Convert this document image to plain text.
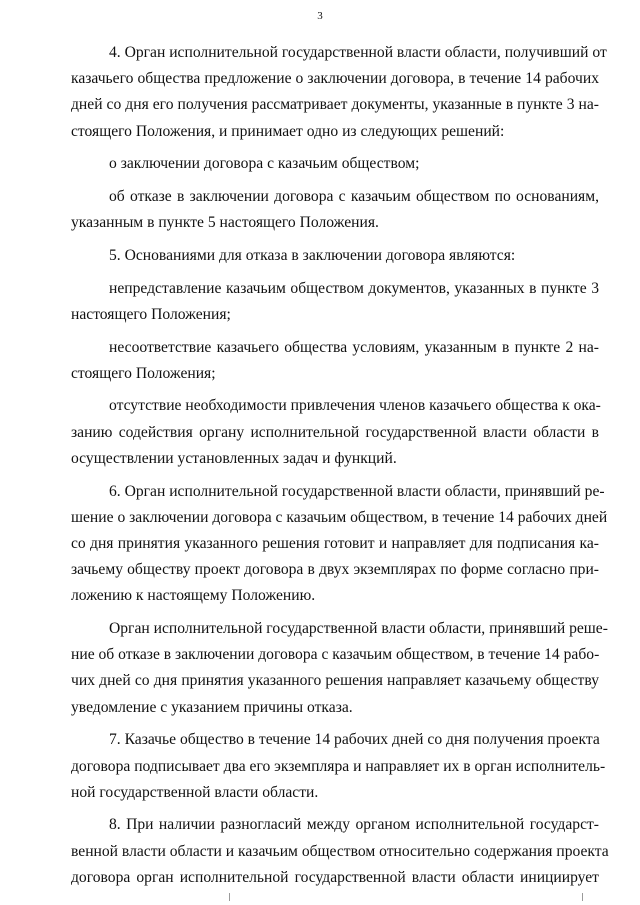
3
4. Орган исполнительной государственной власти области, получивший от
казачьего общества предложение о заключении договора, в течение 14 рабочих
дней со дня его получения рассматривает документы, указанные в пункте 3 на-
стоящего Положения, и принимает одно из следующих решений:
о заключении договора с казачьим обществом;
об отказе в заключении договора с казачьим обществом по основаниям,
указанным в пункте 5 настоящего Положения.
5. Основаниями для отказа в заключении договора являются:
непредставление казачьим обществом документов, указанных в пункте 3
настоящего Положения;
несоответствие казачьего общества условиям, указанным в пункте 2 на-
стоящего Положения;
отсутствие необходимости привлечения членов казачьего общества к ока-
занию содействия органу исполнительной государственной власти области в
осуществлении установленных задач и функций.
6. Орган исполнительной государственной власти области, принявший ре-
шение о заключении договора с казачьим обществом, в течение 14 рабочих дней
со дня принятия указанного решения готовит и направляет для подписания ка-
зачьему обществу проект договора в двух экземплярах по форме согласно при-
ложению к настоящему Положению.
Орган исполнительной государственной власти области, принявший реше-
ние об отказе в заключении договора с казачьим обществом, в течение 14 рабо-
чих дней со дня принятия указанного решения направляет казачьему обществу
уведомление с указанием причины отказа.
7. Казачье общество в течение 14 рабочих дней со дня получения проекта
договора подписывает два его экземпляра и направляет их в орган исполнитель-
ной государственной власти области.
8. При наличии разногласий между органом исполнительной государст-
венной власти области и казачьим обществом относительно содержания проекта
договора орган исполнительной государственной власти области инициирует
